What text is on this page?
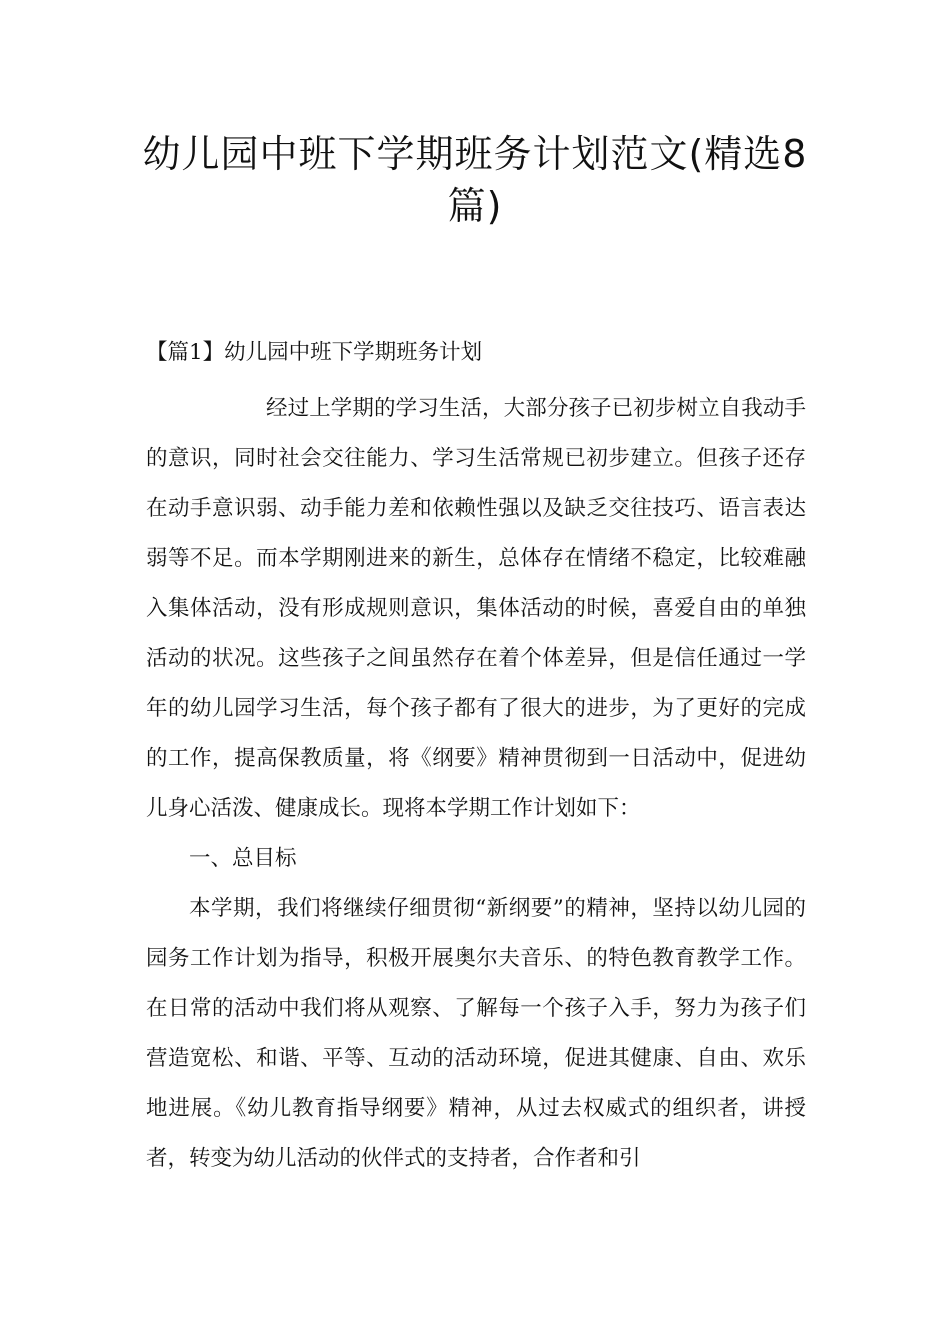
幼儿园中班下学期班务计划范文(精选8篇)

【篇1】幼儿园中班下学期班务计划

经过上学期的学习生活，大部分孩子已初步树立自我动手的意识，同时社会交往能力、学习生活常规已初步建立。但孩子还存在动手意识弱、动手能力差和依赖性强以及缺乏交往技巧、语言表达弱等不足。而本学期刚进来的新生，总体存在情绪不稳定，比较难融入集体活动，没有形成规则意识，集体活动的时候，喜爱自由的单独活动的状况。这些孩子之间虽然存在着个体差异，但是信任通过一学年的幼儿园学习生活，每个孩子都有了很大的进步，为了更好的完成的工作，提高保教质量，将《纲要》精神贯彻到一日活动中，促进幼儿身心活泼、健康成长。现将本学期工作计划如下：

一、总目标

本学期，我们将继续仔细贯彻“新纲要”的精神，坚持以幼儿园的园务工作计划为指导，积极开展奥尔夫音乐、的特色教育教学工作。在日常的活动中我们将从观察、了解每一个孩子入手，努力为孩子们营造宽松、和谐、平等、互动的活动环境，促进其健康、自由、欢乐地进展。《幼儿教育指导纲要》精神，从过去权威式的组织者，讲授者，转变为幼儿活动的伙伴式的支持者，合作者和引
